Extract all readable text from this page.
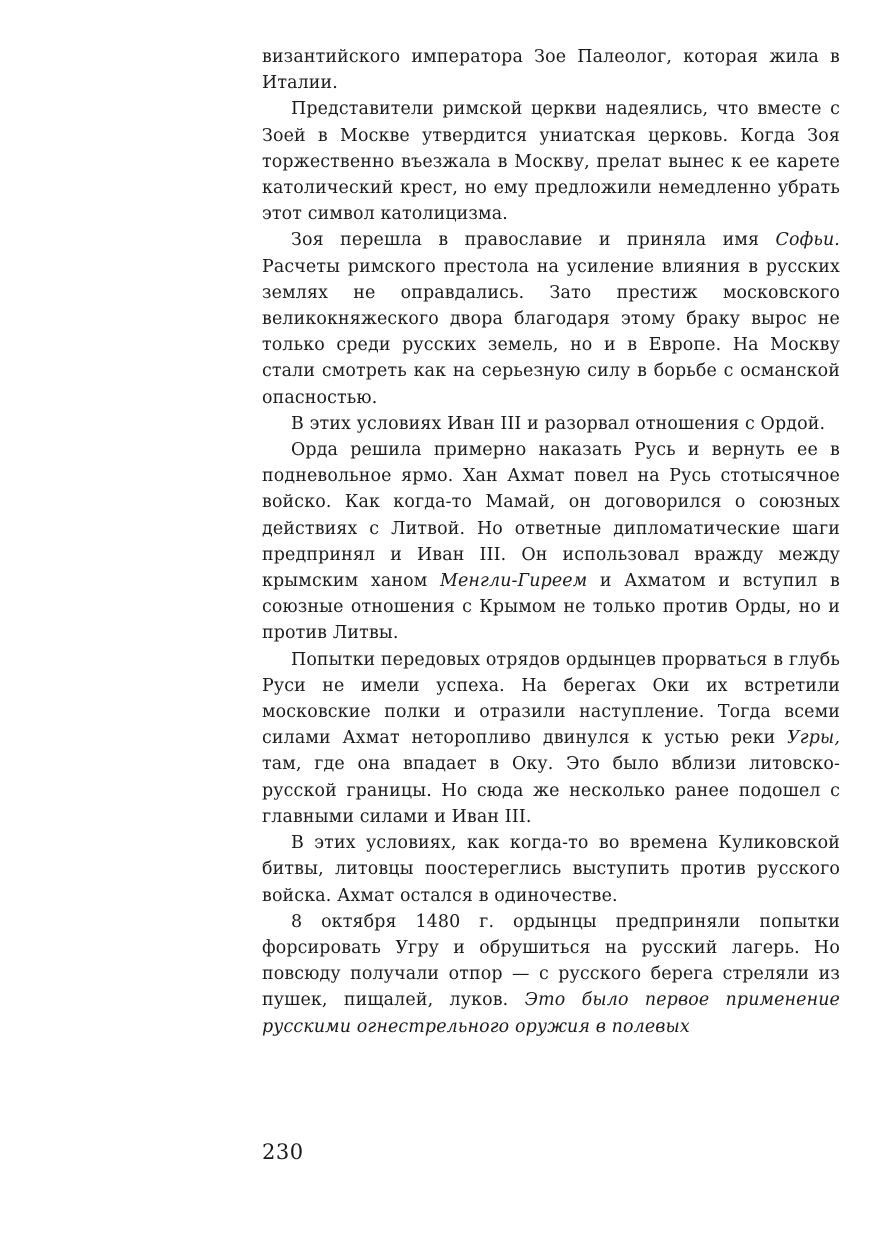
византийского императора Зое Палеолог, которая жила в Италии.

Представители римской церкви надеялись, что вместе с Зоей в Москве утвердится униатская церковь. Когда Зоя торжественно въезжала в Москву, прелат вынес к ее карете католический крест, но ему предложили немедленно убрать этот символ католицизма.

Зоя перешла в православие и приняла имя Софьи. Расчеты римского престола на усиление влияния в русских землях не оправдались. Зато престиж московского великокняжеского двора благодаря этому браку вырос не только среди русских земель, но и в Европе. На Москву стали смотреть как на серьезную силу в борьбе с османской опасностью.

В этих условиях Иван III и разорвал отношения с Ордой.

Орда решила примерно наказать Русь и вернуть ее в подневольное ярмо. Хан Ахмат повел на Русь стотысячное войско. Как когда-то Мамай, он договорился о союзных действиях с Литвой. Но ответные дипломатические шаги предпринял и Иван III. Он использовал вражду между крымским ханом Менгли-Гиреем и Ахматом и вступил в союзные отношения с Крымом не только против Орды, но и против Литвы.

Попытки передовых отрядов ордынцев прорваться в глубь Руси не имели успеха. На берегах Оки их встретили московские полки и отразили наступление. Тогда всеми силами Ахмат неторопливо двинулся к устью реки Угры, там, где она впадает в Оку. Это было вблизи литовско-русской границы. Но сюда же несколько ранее подошел с главными силами и Иван III.

В этих условиях, как когда-то во времена Куликовской битвы, литовцы поостереглись выступить против русского войска. Ахмат остался в одиночестве.

8 октября 1480 г. ордынцы предприняли попытки форсировать Угру и обрушиться на русский лагерь. Но повсюду получали отпор — с русского берега стреляли из пушек, пищалей, луков. Это было первое применение русскими огнестрельного оружия в полевых

230
